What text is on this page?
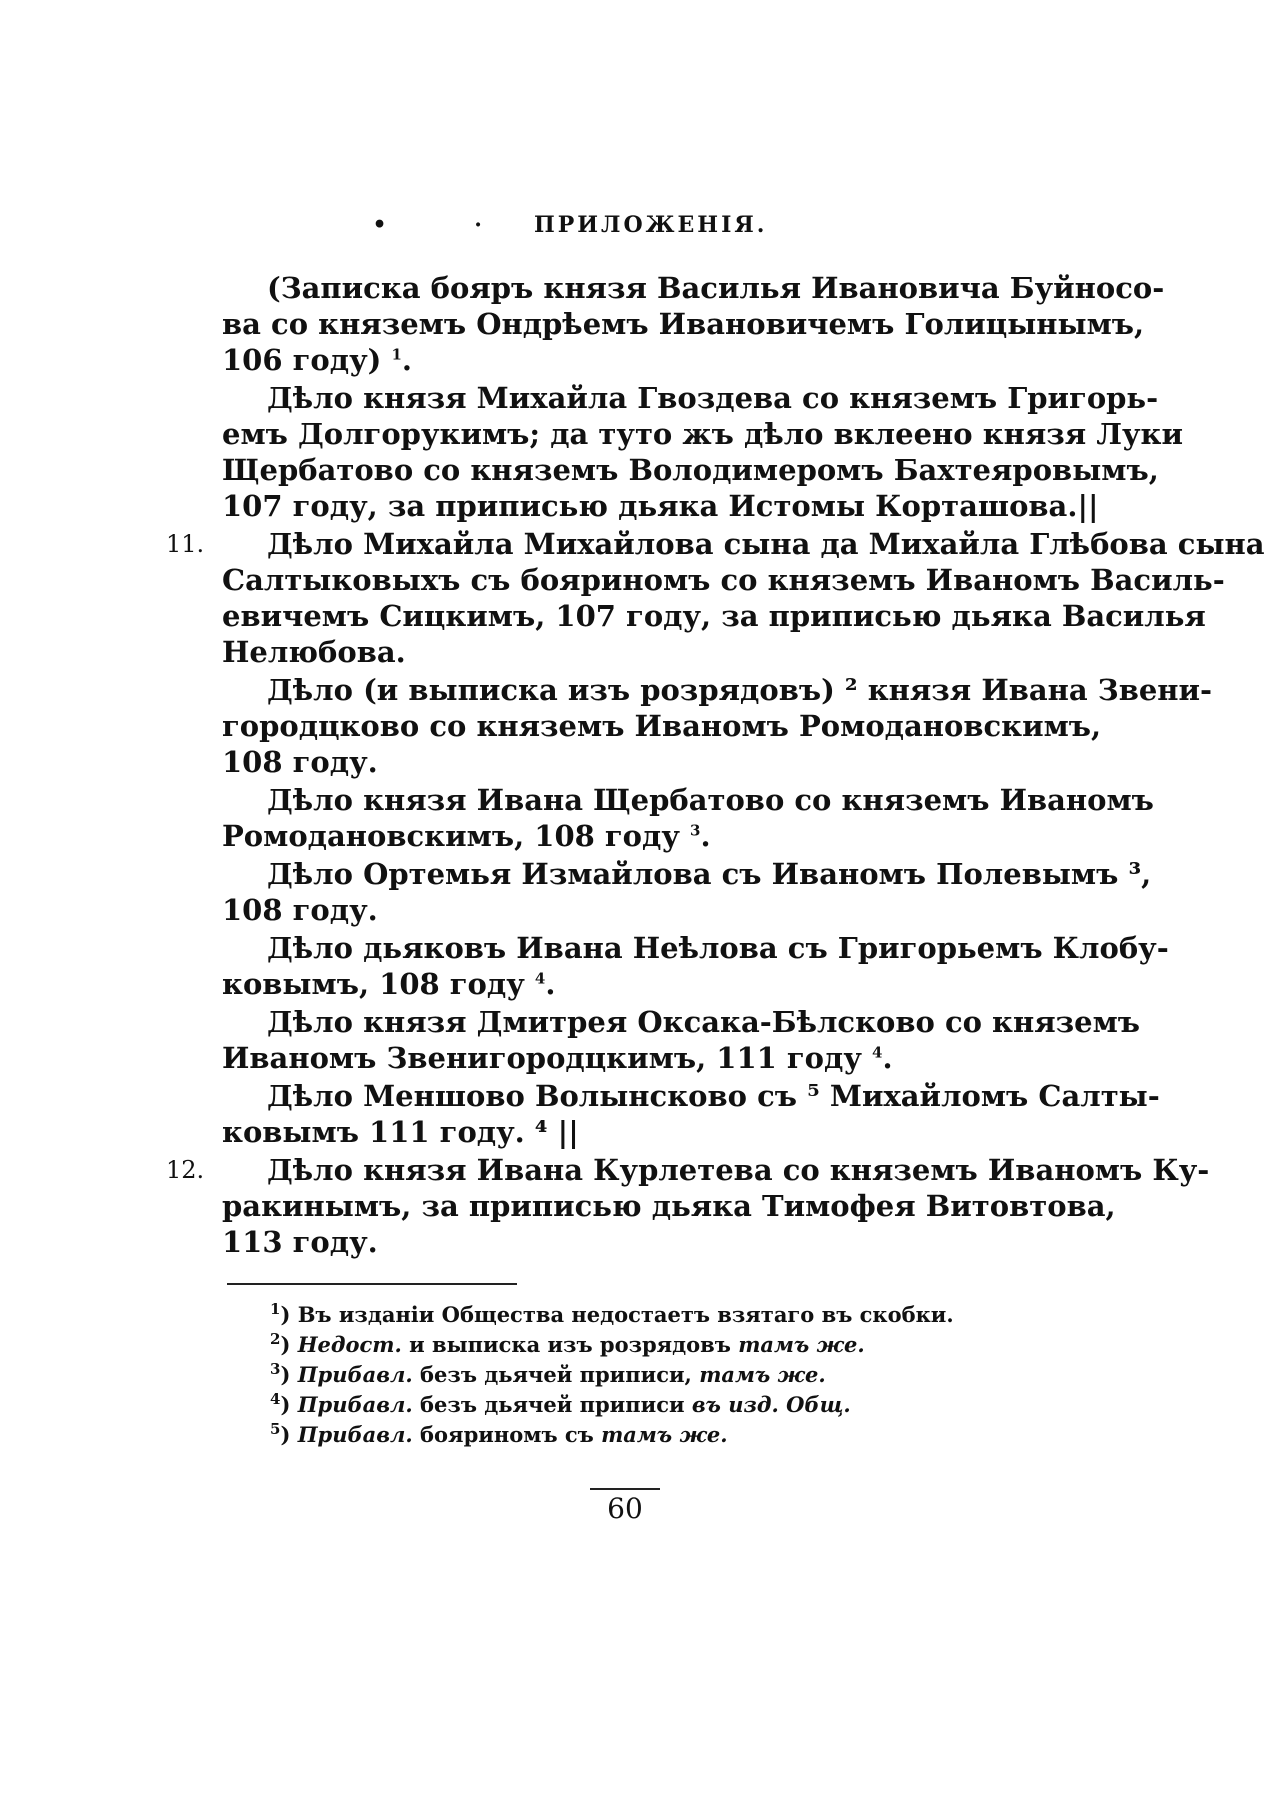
• · ПРИЛОЖЕНІЯ.
(Записка бояръ князя Василья Ивановича Буйносо-
ва со княземъ Ондрѣемъ Ивановичемъ Голицынымъ,
106 году) $^1$.
Дѣло князя Михайла Гвоздева со княземъ Григорь-
емъ Долгорукимъ; да туто жъ дѣло вклеено князя Луки
Щербатово со княземъ Володимеромъ Бахтеяровымъ,
107 году, за приписью дьяка Истомы Корташова.||
11.	Дѣло Михайла Михайлова сына да Михайла Глѣбова сына
Салтыковыхъ съ бояриномъ со княземъ Иваномъ Василь-
евичемъ Сицкимъ, 107 году, за приписью дьяка Василья
Нелюбова.
Дѣло (и выписка изъ розрядовъ) ² князя Ивана Звени-
городцково со княземъ Иваномъ Ромодановскимъ,
108 году.
Дѣло князя Ивана Щербатово со княземъ Иваномъ
Ромодановскимъ, 108 году $^3$.
Дѣло Ортемья Измайлова съ Иваномъ Полевымъ ³,
108 году.
Дѣло дьяковъ Ивана Неѣлова съ Григорьемъ Клобу-
ковымъ, 108 году $^4$.
Дѣло князя Дмитрея Оксака-Бѣлсково со княземъ
Иваномъ Звенигородцкимъ, 111 году $^4$.
Дѣло Меншово Волынсково съ ⁵ Михайломъ Салты-
ковымъ 111 году. ⁴ ||
12.	Дѣло князя Ивана Курлетева со княземъ Иваномъ Ку-
ракинымъ, за приписью дьяка Тимофея Витовтова,
113 году.
$^1$) Въ изданіи Общества недостаетъ взятаго въ скобки.
$^2$) Недост. и выписка изъ розрядовъ тамъ же.
$^3$) Прибавл. безъ дьячей приписи, тамъ же.
$^4$) Прибавл. безъ дьячей приписи въ изд. Общ.
$^5$) Прибавл. бояриномъ съ тамъ же.
60
